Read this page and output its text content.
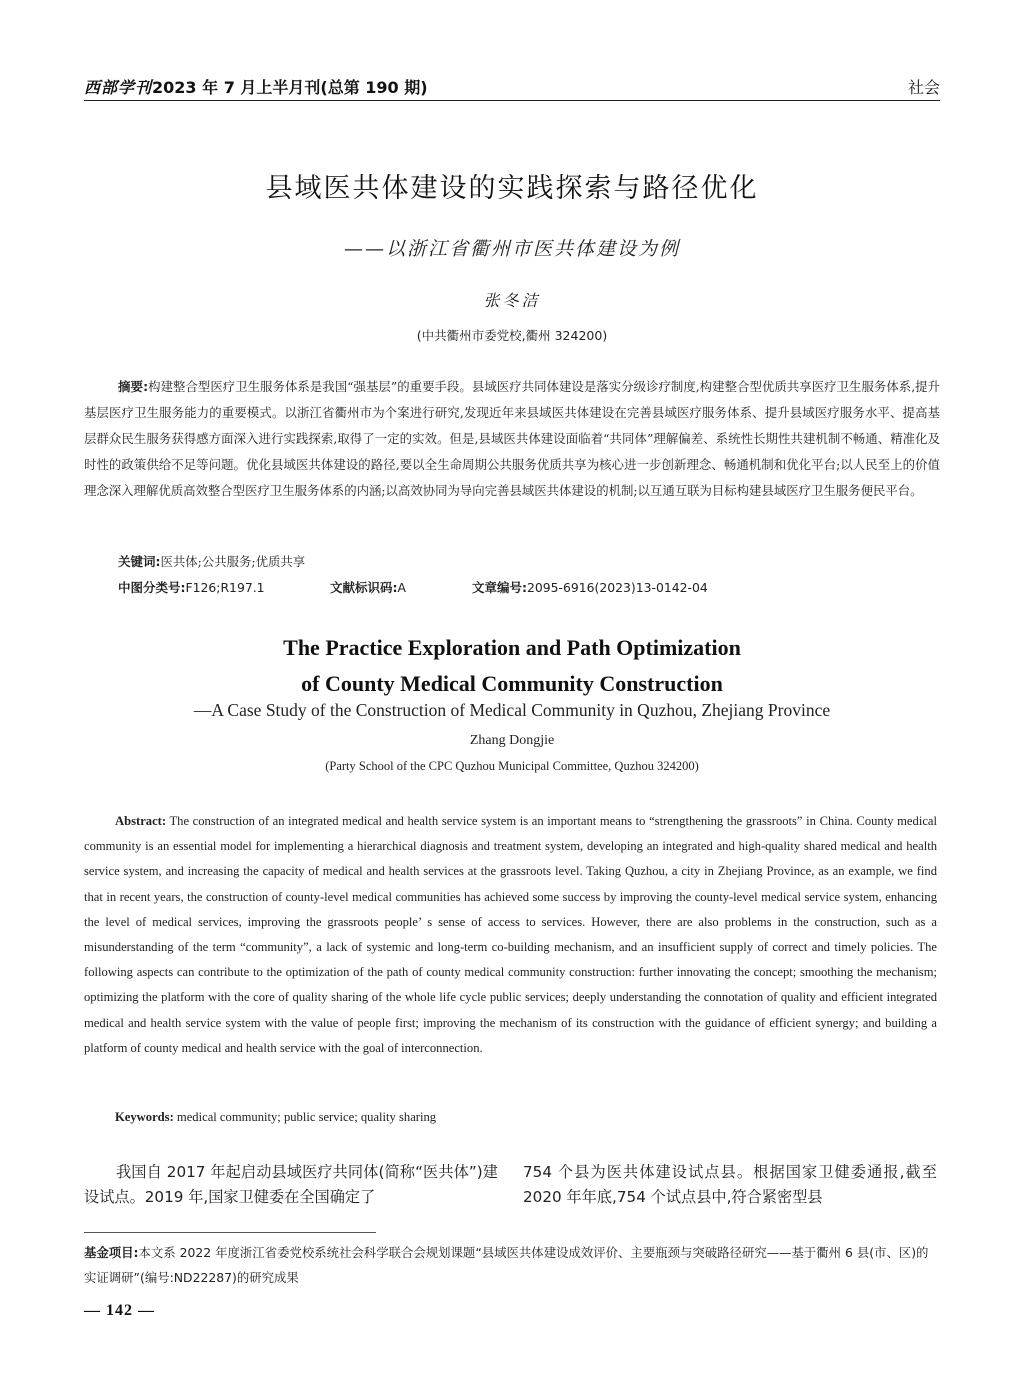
西部学刊2023 年 7 月上半月刊(总第 190 期)	社会
县域医共体建设的实践探索与路径优化
——以浙江省衢州市医共体建设为例
张冬洁
(中共衢州市委党校,衢州 324200)
摘要:构建整合型医疗卫生服务体系是我国“强基层”的重要手段。县域医疗共同体建设是落实分级诊疗制度,构建整合型优质共享医疗卫生服务体系,提升基层医疗卫生服务能力的重要模式。以浙江省衢州市为个案进行研究,发现近年来县域医共体建设在完善县域医疗服务体系、提升县域医疗服务水平、提高基层群众民生服务获得感方面深入进行实践探索,取得了一定的实效。但是,县域医共体建设面临着“共同体”理解偏差、系统性长期性共建机制不畅通、精准化及时性的政策供给不足等问题。优化县域医共体建设的路径,要以全生命周期公共服务优质共享为核心进一步创新理念、畅通机制和优化平台;以人民至上的价值理念深入理解优质高效整合型医疗卫生服务体系的内涵;以高效协同为导向完善县域医共体建设的机制;以互通互联为目标构建县域医疗卫生服务便民平台。
关键词:医共体;公共服务;优质共享
中图分类号:F126;R197.1	文献标识码:A	文章编号:2095-6916(2023)13-0142-04
The Practice Exploration and Path Optimization
of County Medical Community Construction
—A Case Study of the Construction of Medical Community in Quzhou, Zhejiang Province
Zhang Dongjie
(Party School of the CPC Quzhou Municipal Committee, Quzhou 324200)
Abstract: The construction of an integrated medical and health service system is an important means to “strengthening the grassroots” in China. County medical community is an essential model for implementing a hierarchical diagnosis and treatment system, developing an integrated and high-quality shared medical and health service system, and increasing the capacity of medical and health services at the grassroots level. Taking Quzhou, a city in Zhejiang Province, as an example, we find that in recent years, the construction of county-level medical communities has achieved some success by improving the county-level medical service system, enhancing the level of medical services, improving the grassroots people’ s sense of access to services. However, there are also problems in the construction, such as a misunderstanding of the term “community”, a lack of systemic and long-term co-building mechanism, and an insufficient supply of correct and timely policies. The following aspects can contribute to the optimization of the path of county medical community construction: further innovating the concept; smoothing the mechanism; optimizing the platform with the core of quality sharing of the whole life cycle public services; deeply understanding the connotation of quality and efficient integrated medical and health service system with the value of people first; improving the mechanism of its construction with the guidance of efficient synergy; and building a platform of county medical and health service with the goal of interconnection.
Keywords: medical community; public service; quality sharing
我国自 2017 年起启动县域医疗共同体(简称“医共体”)建设试点。2019 年,国家卫健委在全国确定了
754 个县为医共体建设试点县。根据国家卫健委通报,截至 2020 年年底,754 个试点县中,符合紧密型县
基金项目:本文系 2022 年度浙江省委党校系统社会科学联合会规划课题“县域医共体建设成效评价、主要瓶颈与突破路径研究——基于衢州 6 县(市、区)的实证调研”(编号:ND22287)的研究成果
— 142 —
